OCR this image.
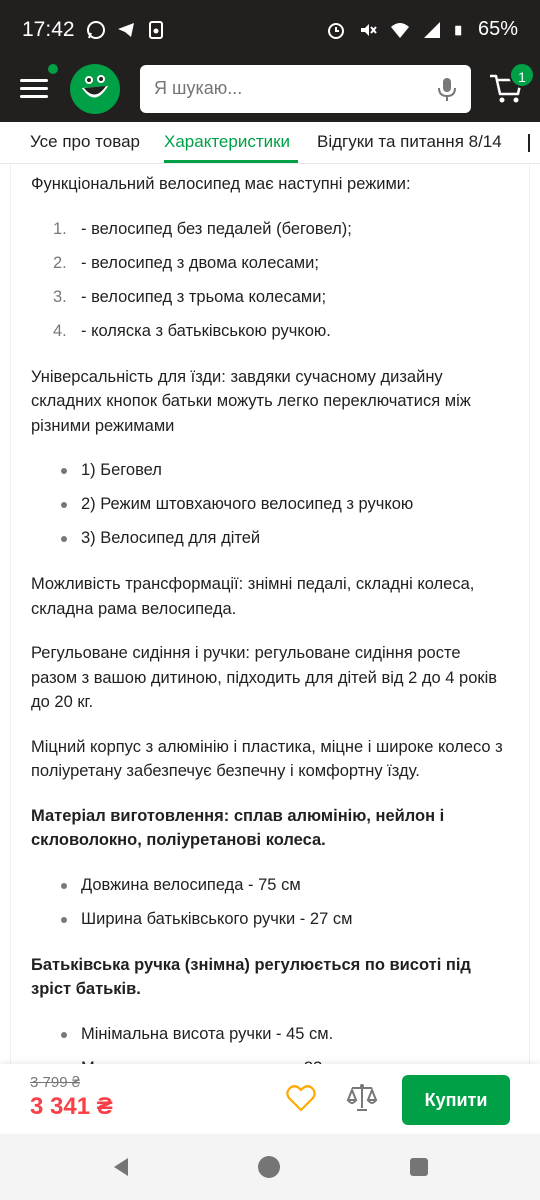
17:42	65%
Я шукаю...
1
Усе про товар Характеристики Відгуки та питання 8/14

Функціональний велосипед має наступні режими:

1. - велосипед без педалей (беговел);
2. - велосипед з двома колесами;
3. - велосипед з трьома колесами;
4. - коляска з батьківською ручкою.

Універсальність для їзди: завдяки сучасному дизайну складних кнопок батьки можуть легко переключатися між різними режимами

1) Беговел
2) Режим штовхаючого велосипед з ручкою
3) Велосипед для дітей

Можливість трансформації: знімні педалі, складні колеса, складна рама велосипеда.

Регульоване сидіння і ручки: регульоване сидіння росте разом з вашою дитиною, підходить для дітей від 2 до 4 років до 20 кг.

Міцний корпус з алюмінію і пластика, міцне і широке колесо з поліуретану забезпечує безпечну і комфортну їзду.

Матеріал виготовлення: сплав алюмінію, нейлон і скловолокно, поліуретанові колеса.

Довжина велосипеда - 75 см
Ширина батьківського ручки - 27 см

Батьківська ручка (знімна) регулюється по висоті під зріст батьків.

Мінімальна висота ручки - 45 см.
3 799 ₴
3 341 ₴	Купити
